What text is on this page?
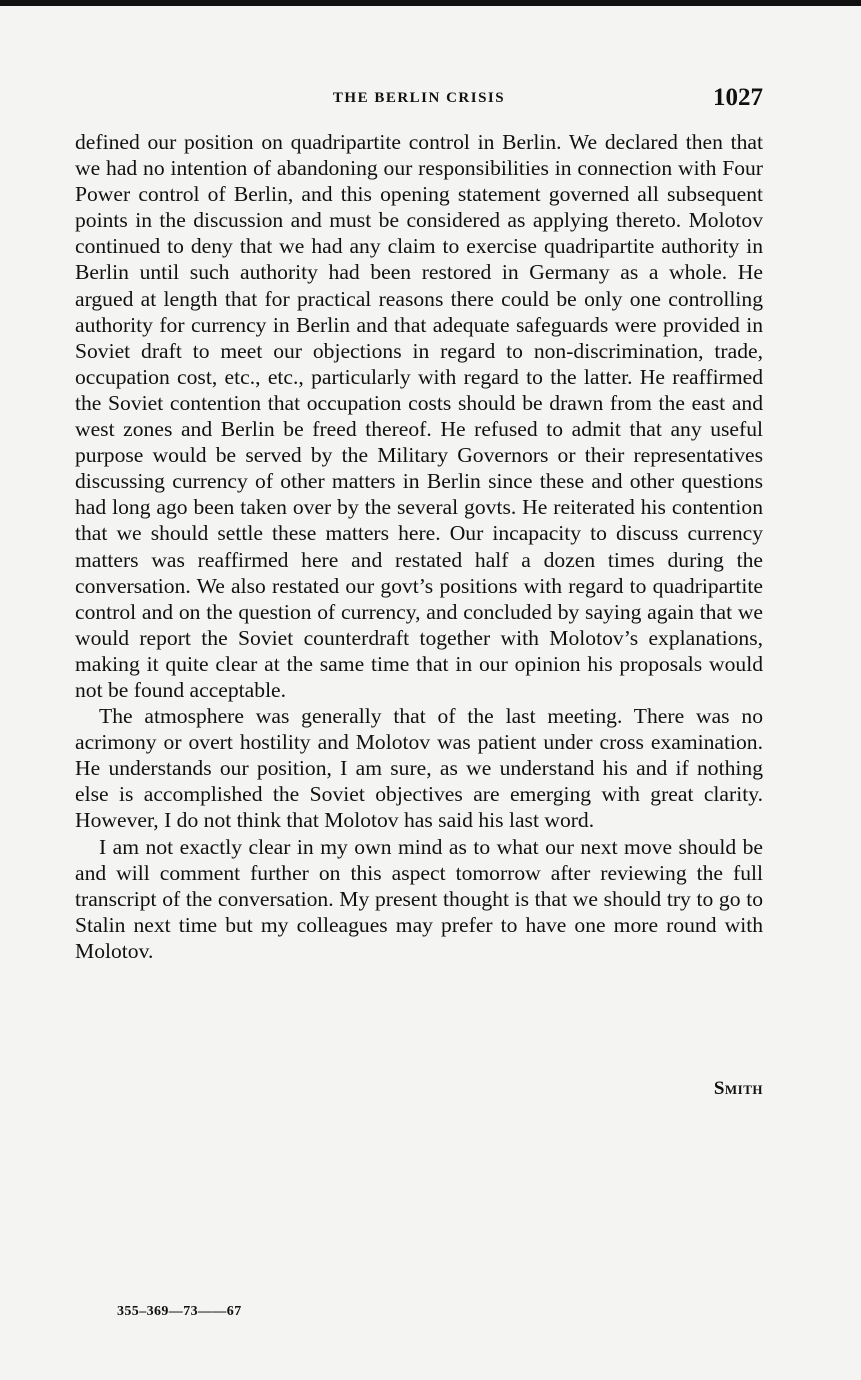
THE BERLIN CRISIS	1027

defined our position on quadripartite control in Berlin. We declared then that we had no intention of abandoning our responsibilities in connection with Four Power control of Berlin, and this opening statement governed all subsequent points in the discussion and must be considered as applying thereto. Molotov continued to deny that we had any claim to exercise quadripartite authority in Berlin until such authority had been restored in Germany as a whole. He argued at length that for practical reasons there could be only one controlling authority for currency in Berlin and that adequate safeguards were provided in Soviet draft to meet our objections in regard to non-discrimination, trade, occupation cost, etc., etc., particularly with regard to the latter. He reaffirmed the Soviet contention that occupation costs should be drawn from the east and west zones and Berlin be freed thereof. He refused to admit that any useful purpose would be served by the Military Governors or their representatives discussing currency of other matters in Berlin since these and other questions had long ago been taken over by the several govts. He reiterated his contention that we should settle these matters here. Our incapacity to discuss currency matters was reaffirmed here and restated half a dozen times during the conversation. We also restated our govt’s positions with regard to quadripartite control and on the question of currency, and concluded by saying again that we would report the Soviet counterdraft together with Molotov’s explanations, making it quite clear at the same time that in our opinion his proposals would not be found acceptable.

The atmosphere was generally that of the last meeting. There was no acrimony or overt hostility and Molotov was patient under cross examination. He understands our position, I am sure, as we understand his and if nothing else is accomplished the Soviet objectives are emerging with great clarity. However, I do not think that Molotov has said his last word.

I am not exactly clear in my own mind as to what our next move should be and will comment further on this aspect tomorrow after reviewing the full transcript of the conversation. My present thought is that we should try to go to Stalin next time but my colleagues may prefer to have one more round with Molotov.

Smith
355–369—73——67
